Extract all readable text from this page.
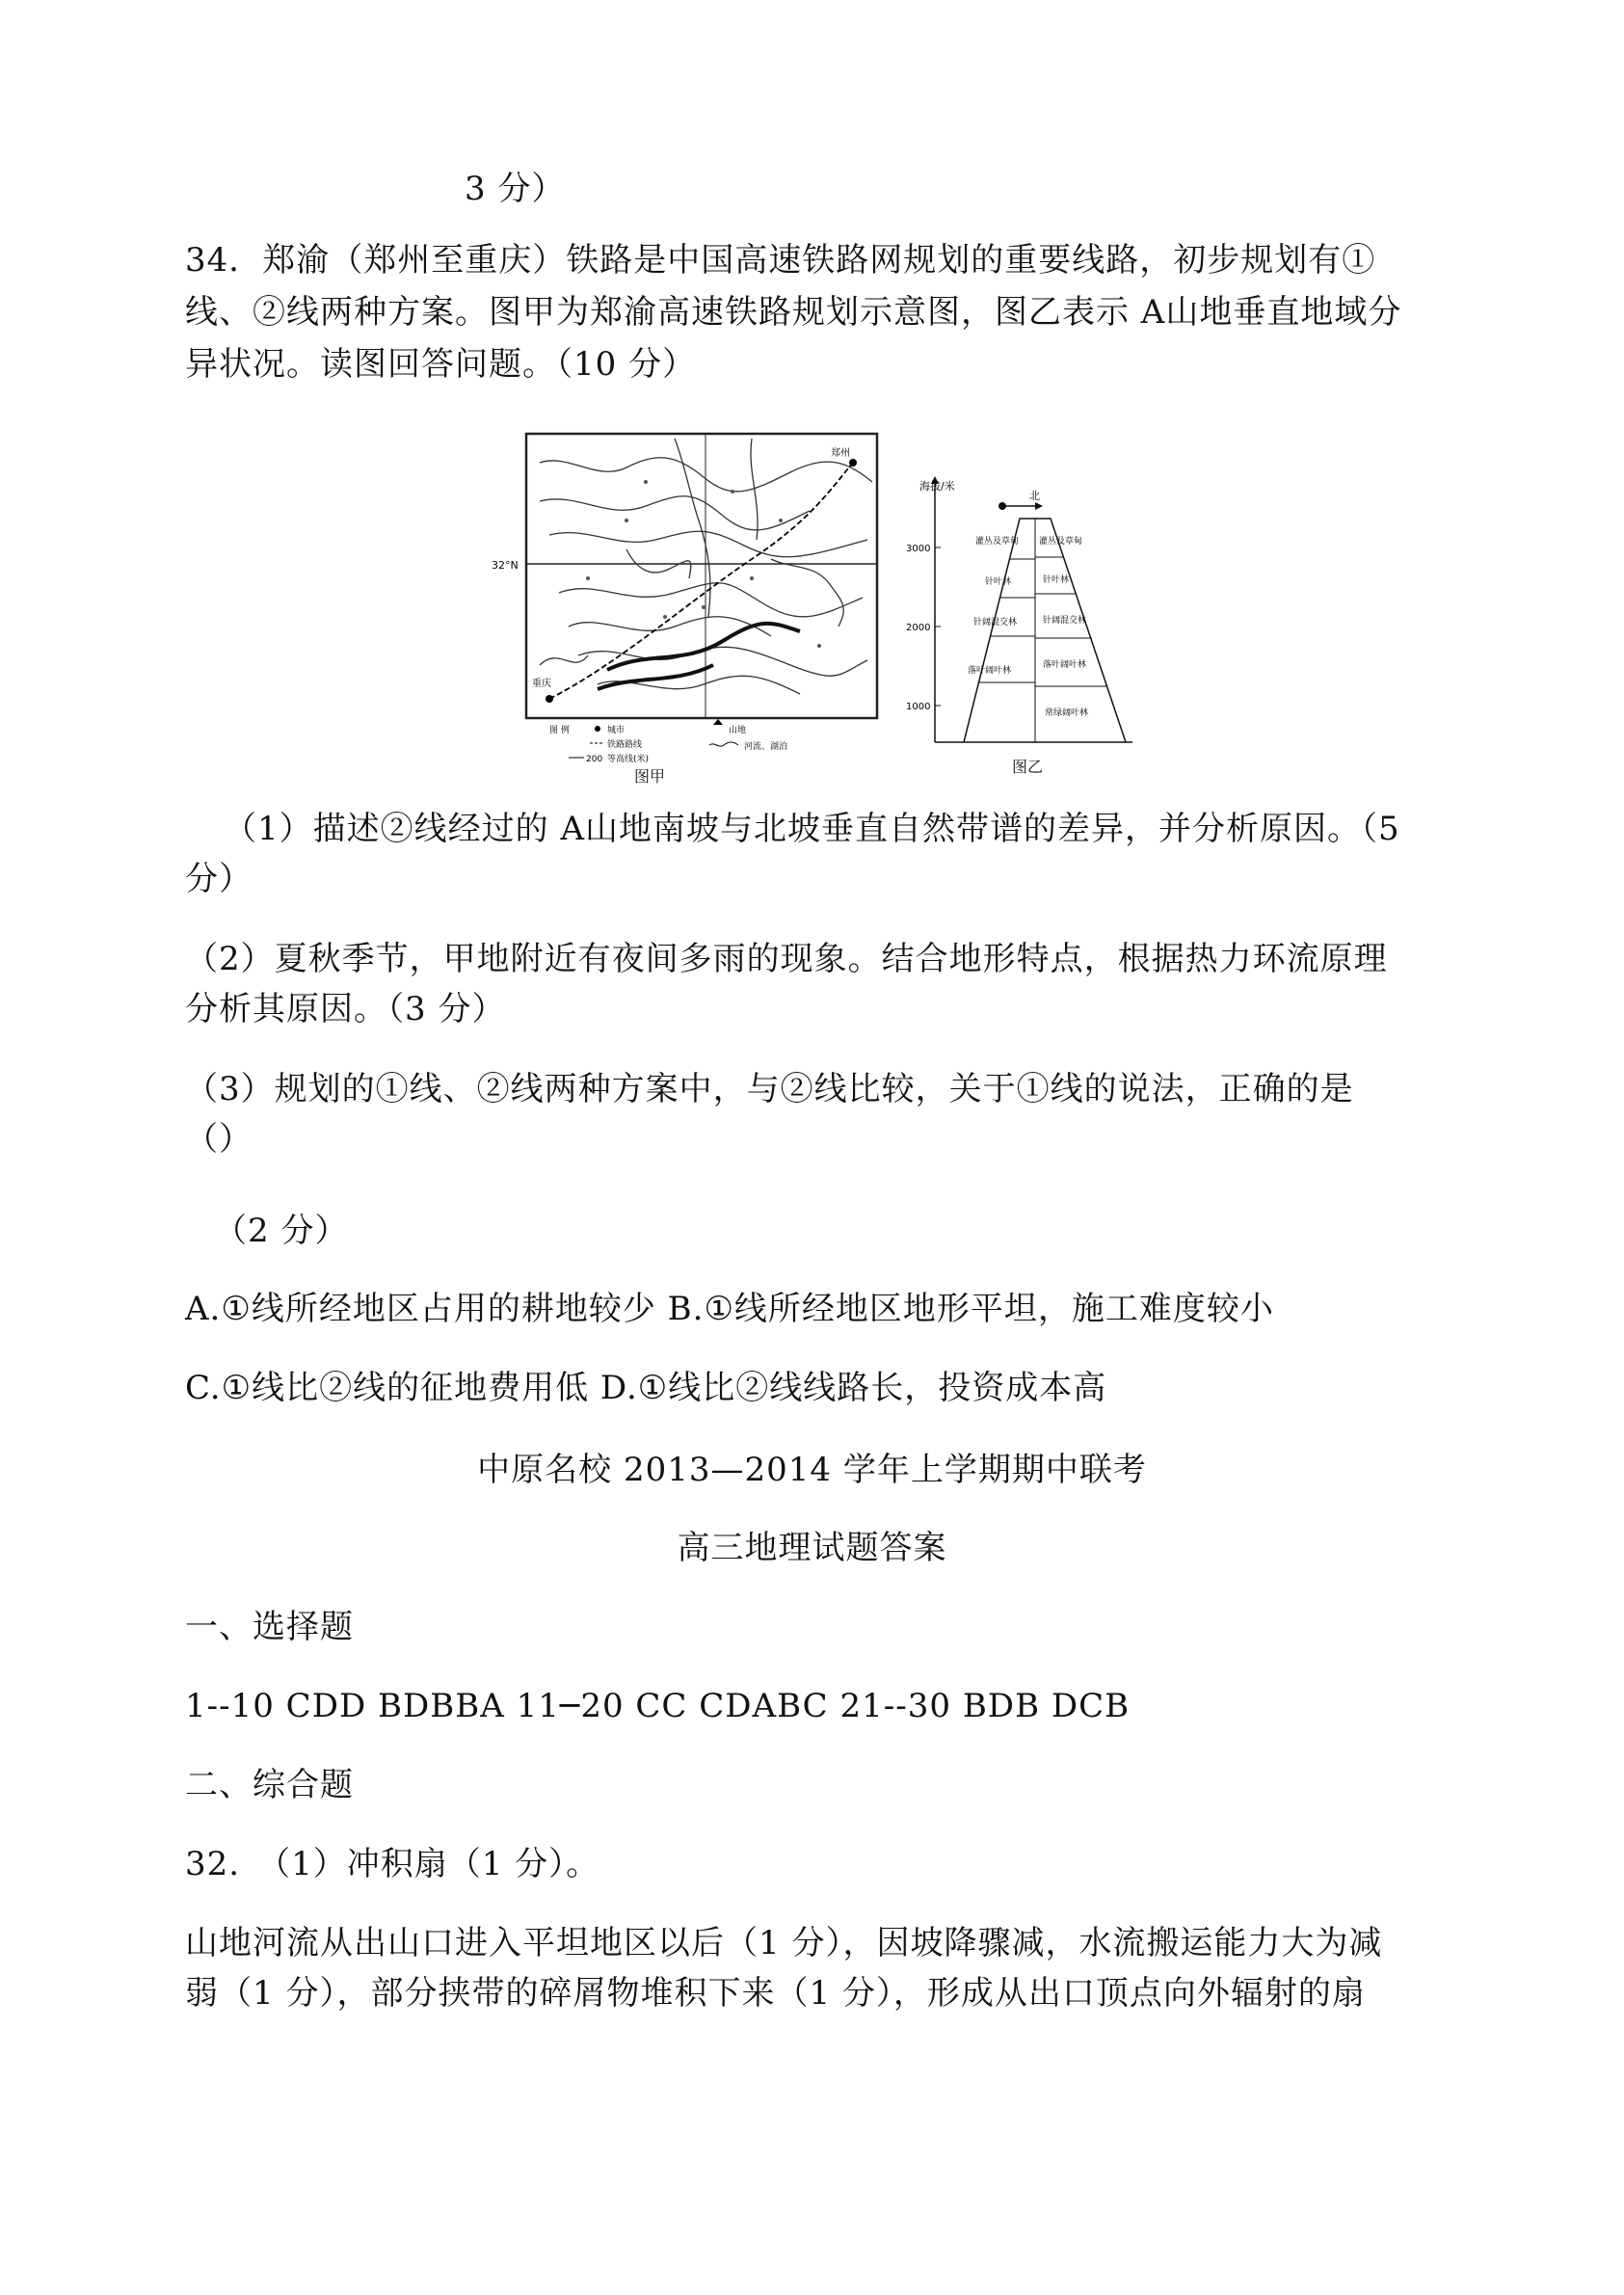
3 分）
34．郑渝（郑州至重庆）铁路是中国高速铁路网规划的重要线路，初步规划有①
线、②线两种方案。图甲为郑渝高速铁路规划示意图，图乙表示 A山地垂直地域分
异状况。读图回答问题。（10 分）
32°N
郑州
重庆
图 例	城市
铁路路线
200 等高线(米)
山地
河流、湖泊
图甲
海拔/米
3000
2000
1000
北
灌丛及草甸
针叶林
针阔混交林
落叶阔叶林
灌丛及草甸
针叶林
针阔混交林
落叶阔叶林
常绿阔叶林
图乙
（1）描述②线经过的 A山地南坡与北坡垂直自然带谱的差异，并分析原因。（5
分）
（2）夏秋季节，甲地附近有夜间多雨的现象。结合地形特点，根据热力环流原理
分析其原因。（3 分）
（3）规划的①线、②线两种方案中，与②线比较，关于①线的说法，正确的是
（）
（2 分）
A.①线所经地区占用的耕地较少 B.①线所经地区地形平坦，施工难度较小
C.①线比②线的征地费用低 D.①线比②线线路长，投资成本高
中原名校 2013—2014 学年上学期期中联考
高三地理试题答案
一、选择题
1--10 CDD BDBBA 11─20 CC CDABC 21--30 BDB DCB
二、综合题
32.　（1）冲积扇（1 分）。
山地河流从出山口进入平坦地区以后（1 分），因坡降骤减，水流搬运能力大为减
弱（1 分），部分挟带的碎屑物堆积下来（1 分），形成从出口顶点向外辐射的扇
